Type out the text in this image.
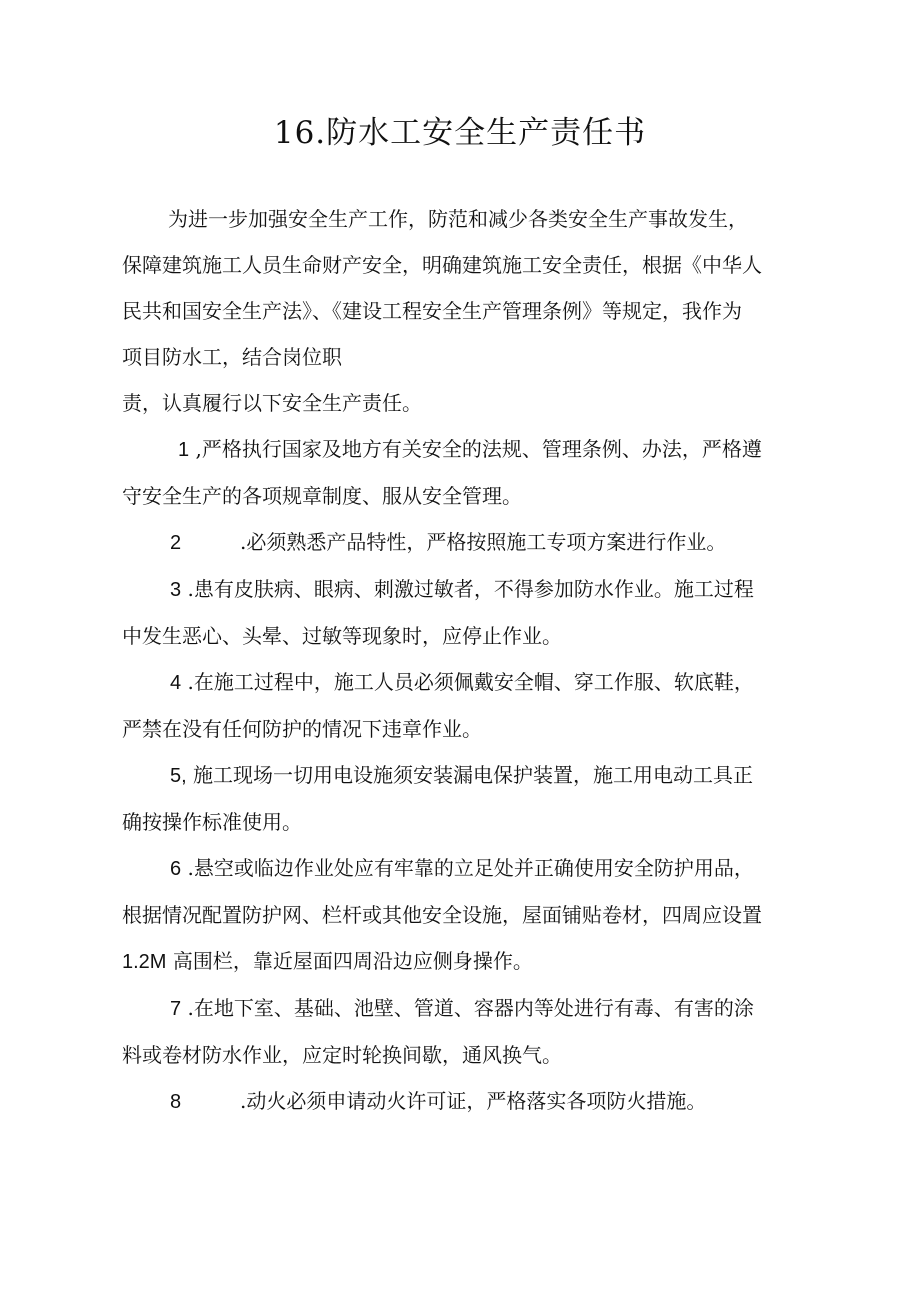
16.防水工安全生产责任书

为进一步加强安全生产工作，防范和减少各类安全生产事故发生，

保障建筑施工人员生命财产安全，明确建筑施工安全责任，根据《中华人

民共和国安全生产法》、《建设工程安全生产管理条例》等规定，我作为

项目防水工，结合岗位职

责，认真履行以下安全生产责任。

1 ,严格执行国家及地方有关安全的法规、管理条例、办法，严格遵

守安全生产的各项规章制度、服从安全管理。

2	.必须熟悉产品特性，严格按照施工专项方案进行作业。

3 .患有皮肤病、眼病、刺激过敏者，不得参加防水作业。施工过程

中发生恶心、头晕、过敏等现象时，应停止作业。

4 .在施工过程中，施工人员必须佩戴安全帽、穿工作服、软底鞋，

严禁在没有任何防护的情况下违章作业。

5, 施工现场一切用电设施须安装漏电保护装置，施工用电动工具正

确按操作标准使用。

6 .悬空或临边作业处应有牢靠的立足处并正确使用安全防护用品，

根据情况配置防护网、栏杆或其他安全设施，屋面铺贴卷材，四周应设置

1.2M 高围栏，靠近屋面四周沿边应侧身操作。

7 .在地下室、基础、池壁、管道、容器内等处进行有毒、有害的涂

料或卷材防水作业，应定时轮换间歇，通风换气。

8	.动火必须申请动火许可证，严格落实各项防火措施。
